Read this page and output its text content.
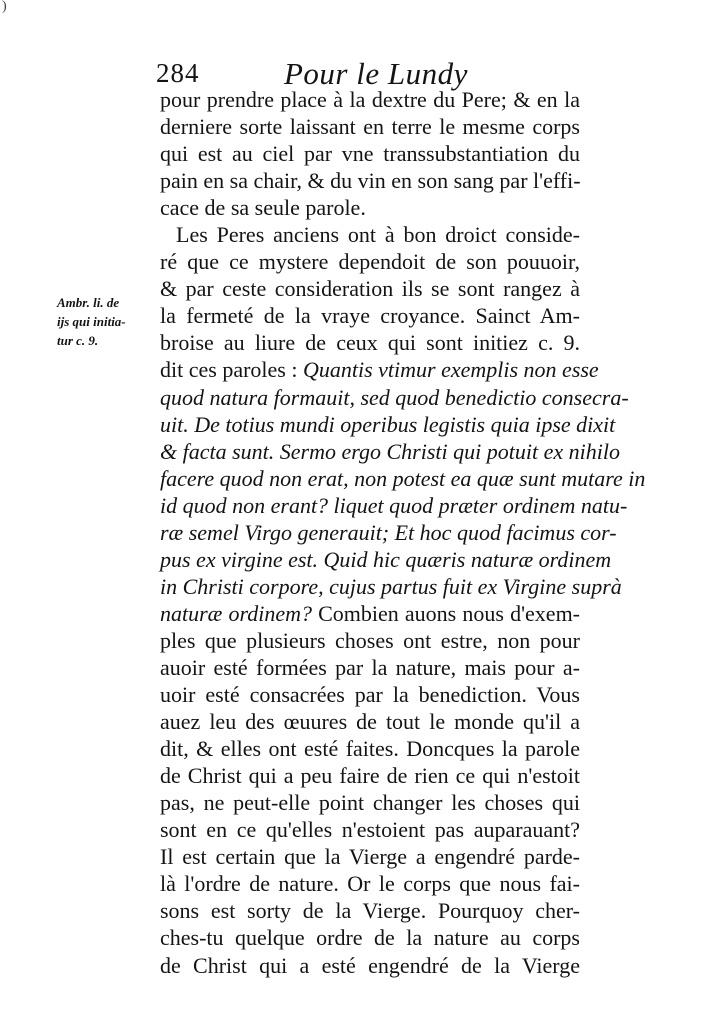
)
284	Pour le Lundy
Ambr. li. de
ijs qui initia-
tur c. 9.
pour prendre place à la dextre du Pere; & en la
derniere sorte laissant en terre le mesme corps
qui est au ciel par vne transsubstantiation du
pain en sa chair, & du vin en son sang par l'effi-
cace de sa seule parole.
Les Peres anciens ont à bon droict conside-
ré que ce mystere dependoit de son pouuoir,
& par ceste consideration ils se sont rangez à
la fermeté de la vraye croyance. Sainct Am-
broise au liure de ceux qui sont initiez c. 9.
dit ces paroles : Quantis vtimur exemplis non esse
quod natura formauit, sed quod benedictio consecra-
uit. De totius mundi operibus legistis quia ipse dixit
& facta sunt. Sermo ergo Christi qui potuit ex nihilo
facere quod non erat, non potest ea quæ sunt mutare in
id quod non erant? liquet quod præter ordinem natu-
ræ semel Virgo generauit; Et hoc quod facimus cor-
pus ex virgine est. Quid hic quæris naturæ ordinem
in Christi corpore, cujus partus fuit ex Virgine suprà
naturæ ordinem? Combien auons nous d'exem-
ples que plusieurs choses ont estre, non pour
auoir esté formées par la nature, mais pour a-
uoir esté consacrées par la benediction. Vous
auez leu des œuures de tout le monde qu'il a
dit, & elles ont esté faites. Doncques la parole
de Christ qui a peu faire de rien ce qui n'estoit
pas, ne peut-elle point changer les choses qui
sont en ce qu'elles n'estoient pas auparauant?
Il est certain que la Vierge a engendré parde-
là l'ordre de nature. Or le corps que nous fai-
sons est sorty de la Vierge. Pourquoy cher-
ches-tu quelque ordre de la nature au corps
de Christ qui a esté engendré de la Vierge
